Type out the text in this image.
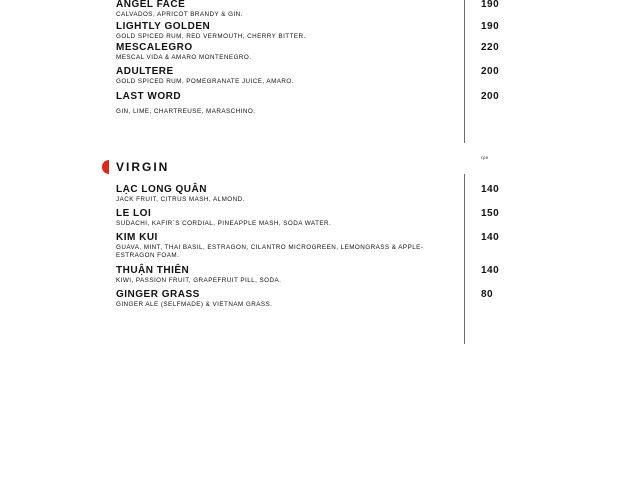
ANGEL FACE
CALVADOS, APRICOT BRANDY & GIN.
190
LIGHTLY GOLDEN
GOLD SPICED RUM, RED VERMOUTH, CHERRY BITTER.
190
MESCALEGRO
MESCAL VIDA & AMARO MONTENEGRO.
220
ADULTERE
GOLD SPICED RUM, POMEGRANATE JUICE, AMARO.
200
LAST WORD
GIN, LIME, CHARTREUSE, MARASCHINO.
200
VIRGIN
грн
LẠC LONG QUÂN
JACK FRUIT, CITRUS MASH, ALMOND.
140
LE LOI
SUDACHI, KAFIR`S CORDIAL, PINEAPPLE MASH, SODA WATER.
150
KIM KUI
GUAVA, MINT, THAI BASIL, ESTRAGON, CILANTRO MICROGREEN, LEMONGRASS & APPLE-ESTRAGON FOAM.
140
THUẬN THIÊN
KIWI, PASSION FRUIT, GRAPEFRUIT PILL, SODA.
140
GINGER GRASS
GINGER ALE (SELFMADE) & VIETNAM GRASS.
80
